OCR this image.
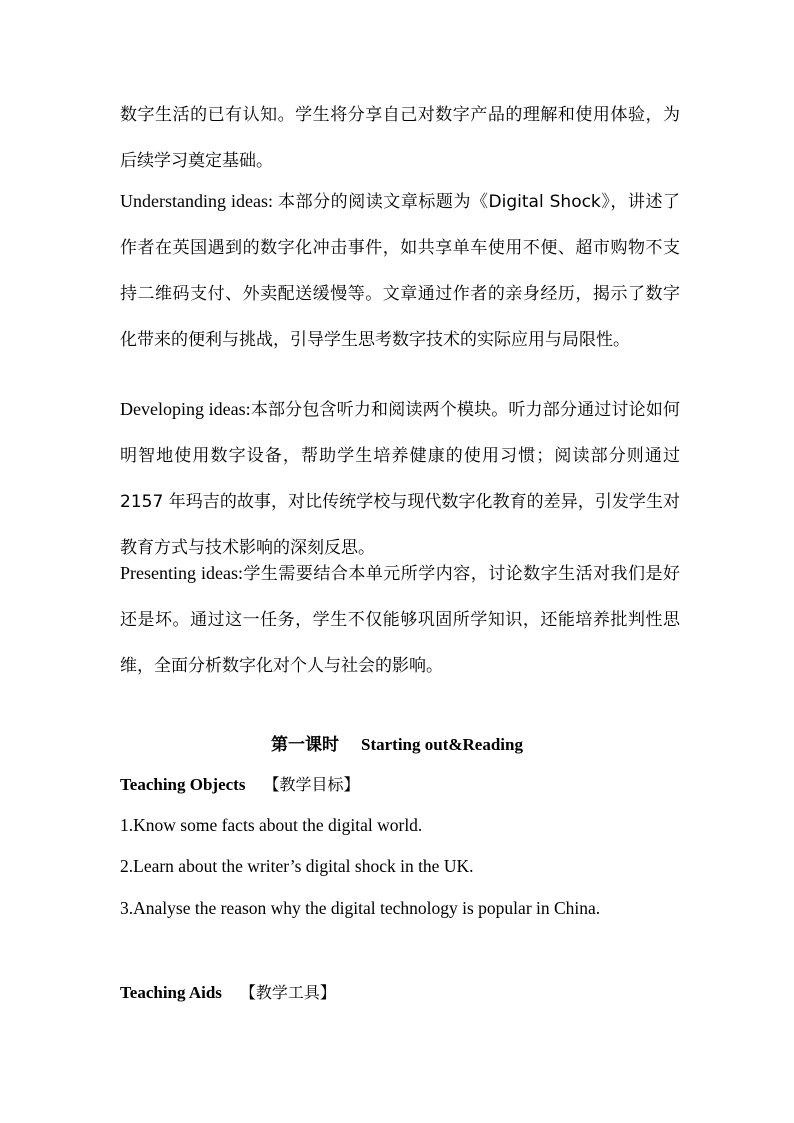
数字生活的已有认知。学生将分享自己对数字产品的理解和使用体验，为后续学习奠定基础。

Understanding ideas: 本部分的阅读文章标题为《Digital Shock》，讲述了作者在英国遇到的数字化冲击事件，如共享单车使用不便、超市购物不支持二维码支付、外卖配送缓慢等。文章通过作者的亲身经历，揭示了数字化带来的便利与挑战，引导学生思考数字技术的实际应用与局限性。

Developing ideas:本部分包含听力和阅读两个模块。听力部分通过讨论如何明智地使用数字设备，帮助学生培养健康的使用习惯；阅读部分则通过 2157 年玛吉的故事，对比传统学校与现代数字化教育的差异，引发学生对教育方式与技术影响的深刻反思。

Presenting ideas:学生需要结合本单元所学内容，讨论数字生活对我们是好还是坏。通过这一任务，学生不仅能够巩固所学知识，还能培养批判性思维，全面分析数字化对个人与社会的影响。

第一课时 Starting out&Reading

Teaching Objects 【教学目标】

1.Know some facts about the digital world.

2.Learn about the writer’s digital shock in the UK.

3.Analyse the reason why the digital technology is popular in China.

Teaching Aids 【教学工具】
